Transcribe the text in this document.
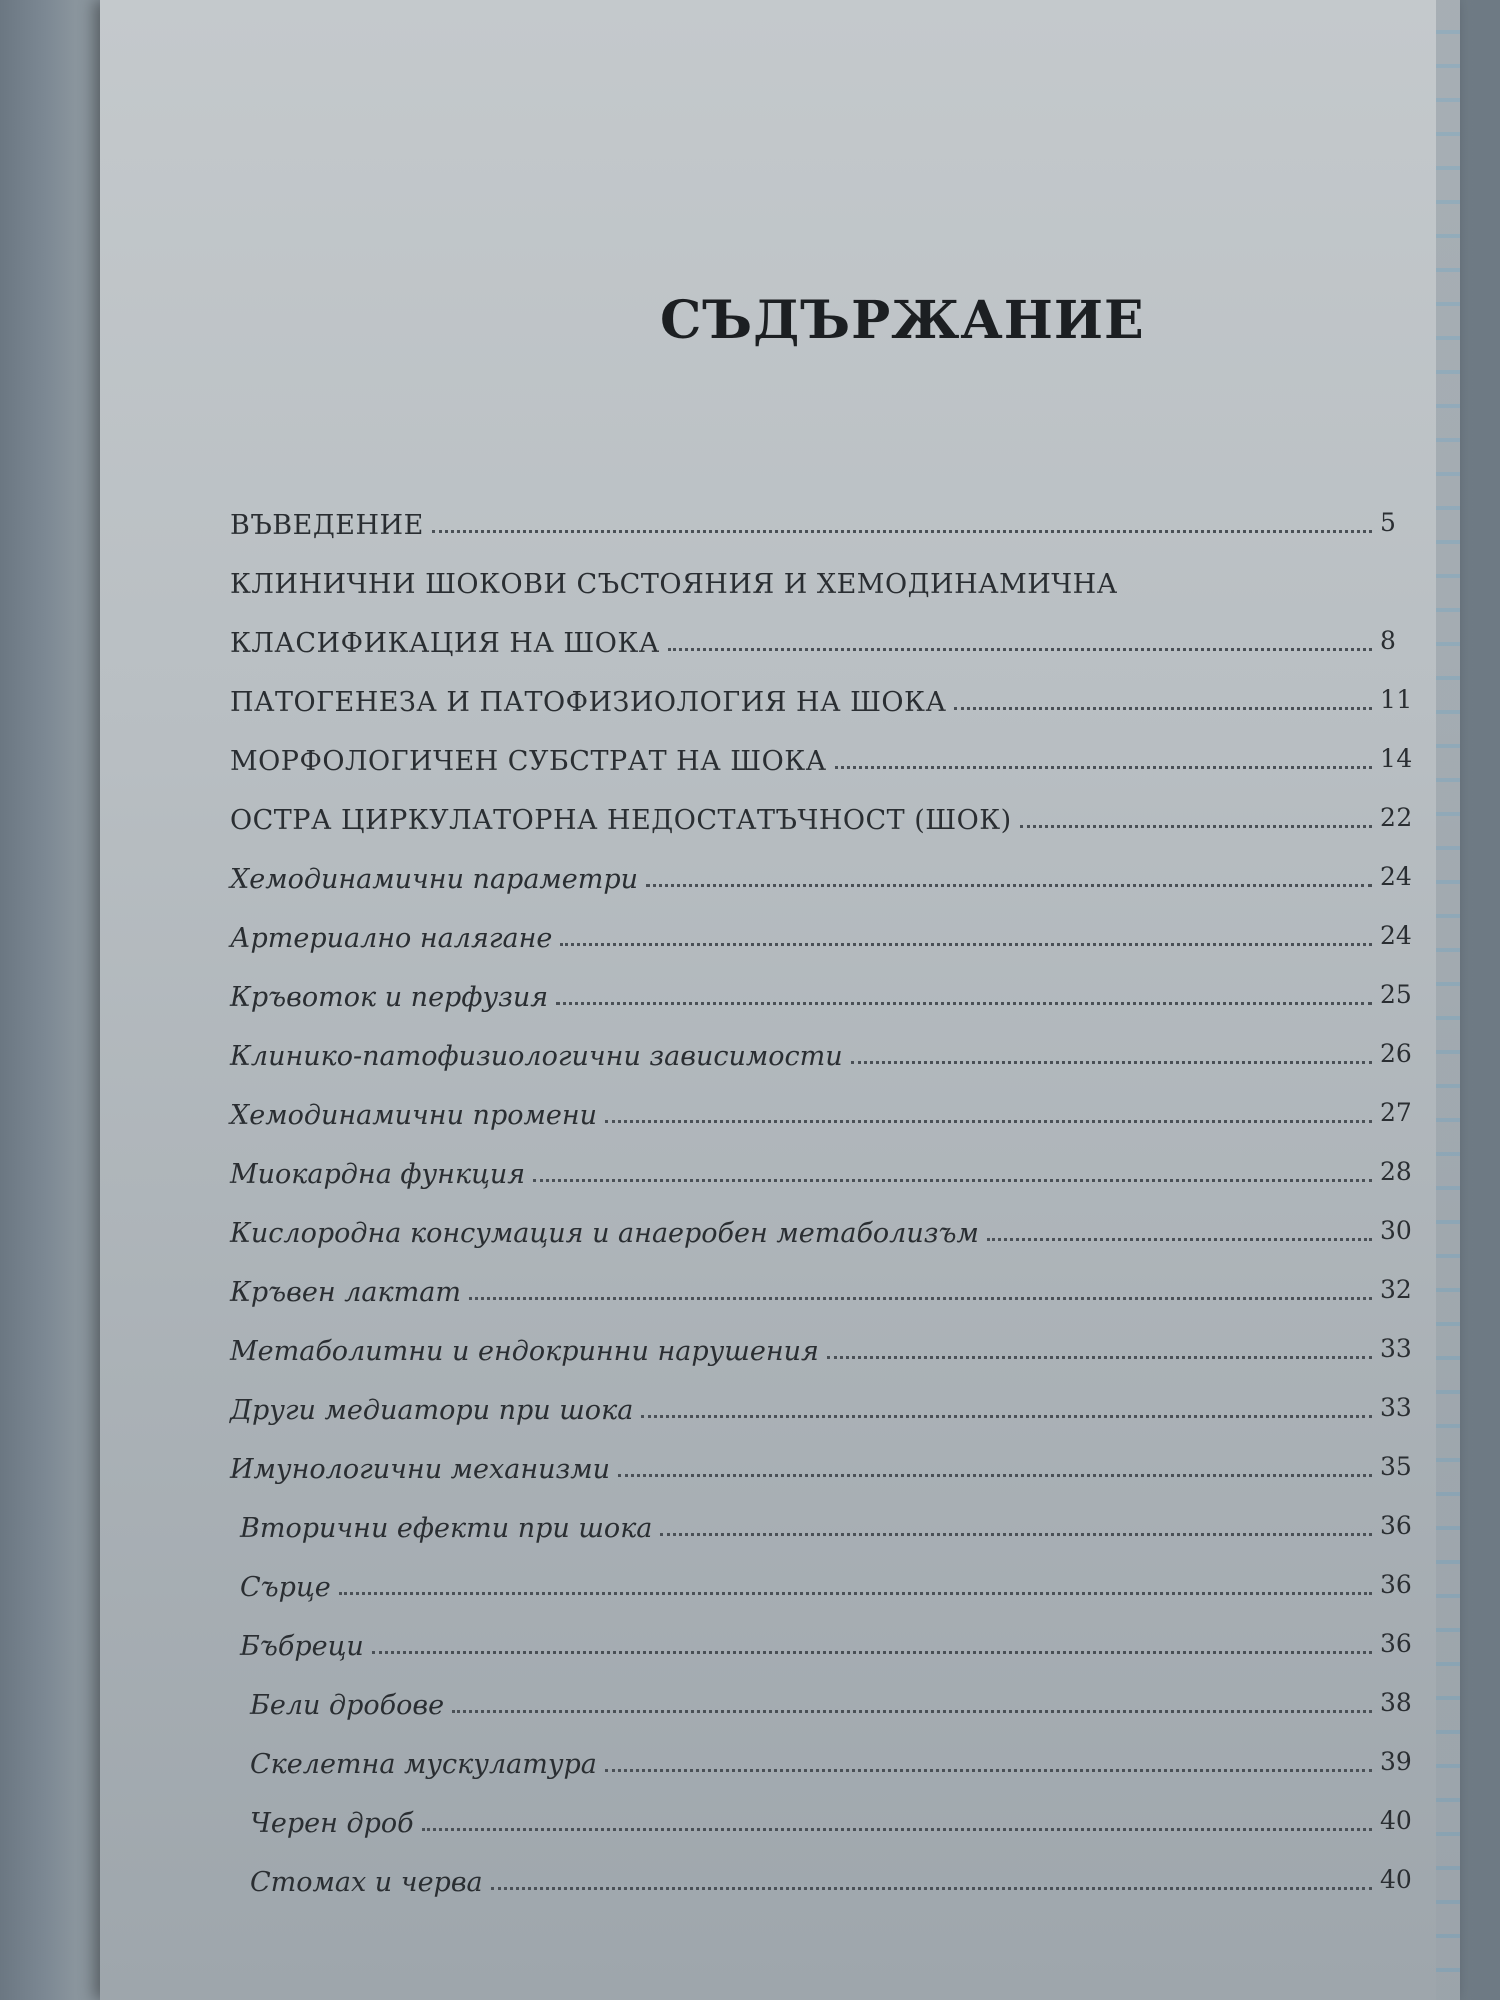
СЪДЪРЖАНИЕ
ВЪВЕДЕНИЕ	5
КЛИНИЧНИ ШОКОВИ СЪСТОЯНИЯ И ХЕМОДИНАМИЧНА
КЛАСИФИКАЦИЯ НА ШОКА	8
ПАТОГЕНЕЗА И ПАТОФИЗИОЛОГИЯ НА ШОКА	11
МОРФОЛОГИЧЕН СУБСТРАТ НА ШОКА	14
ОСТРА ЦИРКУЛАТОРНА НЕДОСТАТЪЧНОСТ (ШОК)	22
Хемодинамични параметри	24
Артериално налягане	24
Кръвоток и перфузия	25
Клинико-патофизиологични зависимости	26
Хемодинамични промени	27
Миокардна функция	28
Кислородна консумация и анаеробен метаболизъм	30
Кръвен лактат	32
Метаболитни и ендокринни нарушения	33
Други медиатори при шока	33
Имунологични механизми	35
Вторични ефекти при шока	36
Сърце	36
Бъбреци	36
Бели дробове	38
Скелетна мускулатура	39
Черен дроб	40
Стомах и черва	40
